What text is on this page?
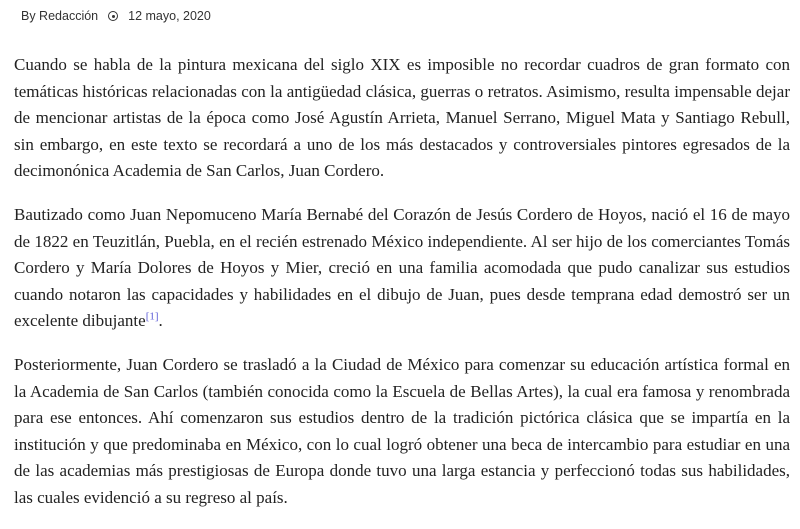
By Redacción 12 mayo, 2020

Cuando se habla de la pintura mexicana del siglo XIX es imposible no recordar cuadros de gran formato con temáticas históricas relacionadas con la antigüedad clásica, guerras o retratos. Asimismo, resulta impensable dejar de mencionar artistas de la época como José Agustín Arrieta, Manuel Serrano, Miguel Mata y Santiago Rebull, sin embargo, en este texto se recordará a uno de los más destacados y controversiales pintores egresados de la decimonónica Academia de San Carlos, Juan Cordero.

Bautizado como Juan Nepomuceno María Bernabé del Corazón de Jesús Cordero de Hoyos, nació el 16 de mayo de 1822 en Teuzitlán, Puebla, en el recién estrenado México independiente. Al ser hijo de los comerciantes Tomás Cordero y María Dolores de Hoyos y Mier, creció en una familia acomodada que pudo canalizar sus estudios cuando notaron las capacidades y habilidades en el dibujo de Juan, pues desde temprana edad demostró ser un excelente dibujante[1].

Posteriormente, Juan Cordero se trasladó a la Ciudad de México para comenzar su educación artística formal en la Academia de San Carlos (también conocida como la Escuela de Bellas Artes), la cual era famosa y renombrada para ese entonces. Ahí comenzaron sus estudios dentro de la tradición pictórica clásica que se impartía en la institución y que predominaba en México, con lo cual logró obtener una beca de intercambio para estudiar en una de las academias más prestigiosas de Europa donde tuvo una larga estancia y perfeccionó todas sus habilidades, las cuales evidenció a su regreso al país.
